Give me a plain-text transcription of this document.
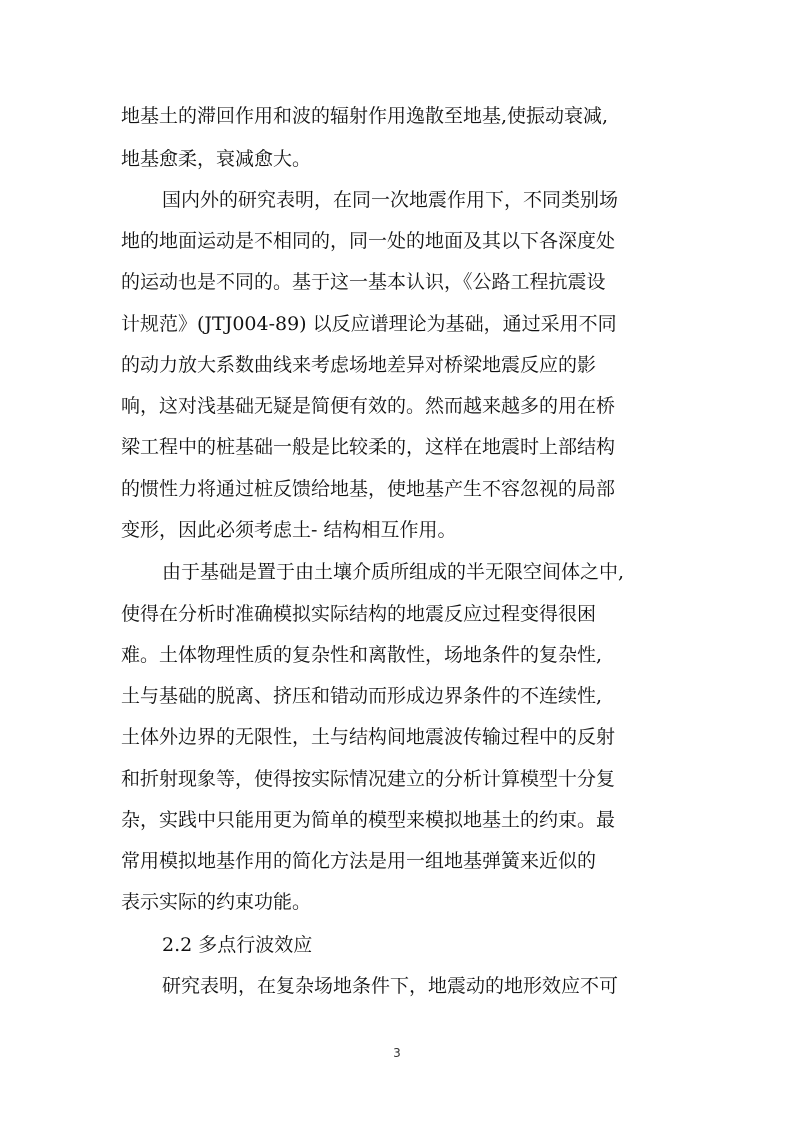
地基土的滞回作用和波的辐射作用逸散至地基,使振动衰减,
地基愈柔，衰减愈大。
国内外的研究表明，在同一次地震作用下，不同类别场
地的地面运动是不相同的，同一处的地面及其以下各深度处
的运动也是不同的。基于这一基本认识，《公路工程抗震设
计规范》(JTJ004-89) 以反应谱理论为基础，通过采用不同
的动力放大系数曲线来考虑场地差异对桥梁地震反应的影
响，这对浅基础无疑是简便有效的。然而越来越多的用在桥
梁工程中的桩基础一般是比较柔的，这样在地震时上部结构
的惯性力将通过桩反馈给地基，使地基产生不容忽视的局部
变形，因此必须考虑土- 结构相互作用。
由于基础是置于由土壤介质所组成的半无限空间体之中,
使得在分析时准确模拟实际结构的地震反应过程变得很困
难。土体物理性质的复杂性和离散性，场地条件的复杂性,
土与基础的脱离、挤压和错动而形成边界条件的不连续性,
土体外边界的无限性，土与结构间地震波传输过程中的反射
和折射现象等，使得按实际情况建立的分析计算模型十分复
杂，实践中只能用更为简单的模型来模拟地基土的约束。最
常用模拟地基作用的简化方法是用一组地基弹簧来近似的
表示实际的约束功能。
2.2 多点行波效应
研究表明，在复杂场地条件下，地震动的地形效应不可
3
